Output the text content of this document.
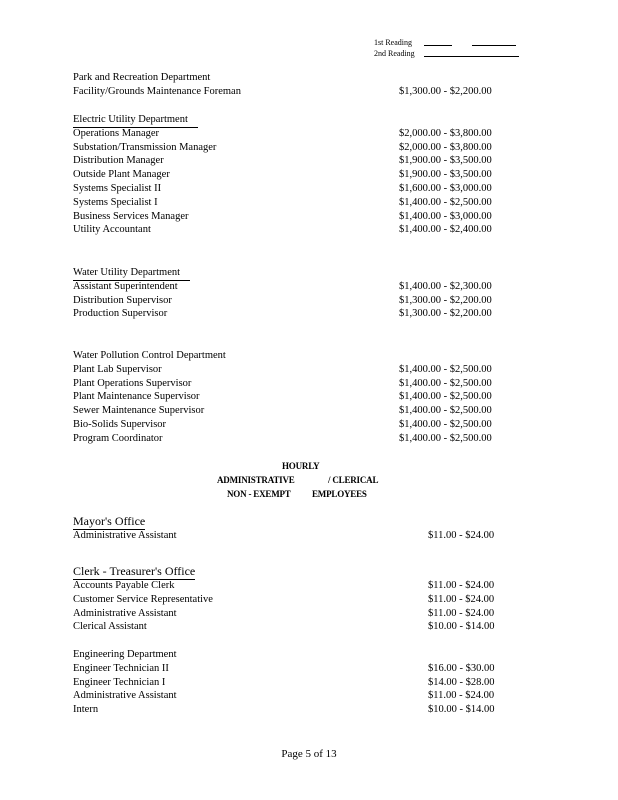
1st Reading
2nd Reading
Park and Recreation Department
Facility/Grounds Maintenance Foreman	$1,300.00 - $2,200.00
Electric Utility Department
Operations Manager	$2,000.00 - $3,800.00
Substation/Transmission Manager	$2,000.00 - $3,800.00
Distribution Manager	$1,900.00 - $3,500.00
Outside Plant Manager	$1,900.00 - $3,500.00
Systems Specialist II	$1,600.00 - $3,000.00
Systems Specialist I	$1,400.00 - $2,500.00
Business Services Manager	$1,400.00 - $3,000.00
Utility Accountant	$1,400.00 - $2,400.00
Water Utility Department
Assistant Superintendent	$1,400.00 - $2,300.00
Distribution Supervisor	$1,300.00 - $2,200.00
Production Supervisor	$1,300.00 - $2,200.00
Water Pollution Control Department
Plant Lab Supervisor	$1,400.00 - $2,500.00
Plant Operations Supervisor	$1,400.00 - $2,500.00
Plant Maintenance Supervisor	$1,400.00 - $2,500.00
Sewer Maintenance Supervisor	$1,400.00 - $2,500.00
Bio-Solids Supervisor	$1,400.00 - $2,500.00
Program Coordinator	$1,400.00 - $2,500.00
HOURLY
ADMINISTRATIVE	/ CLERICAL
NON - EXEMPT EMPLOYEES
Mayor's Office
Administrative Assistant	$11.00 - $24.00
Clerk - Treasurer's Office
Accounts Payable Clerk	$11.00 - $24.00
Customer Service Representative	$11.00 - $24.00
Administrative Assistant	$11.00 - $24.00
Clerical Assistant	$10.00 - $14.00
Engineering Department
Engineer Technician II	$16.00 - $30.00
Engineer Technician I	$14.00 - $28.00
Administrative Assistant	$11.00 - $24.00
Intern	$10.00 - $14.00
Page 5 of 13
